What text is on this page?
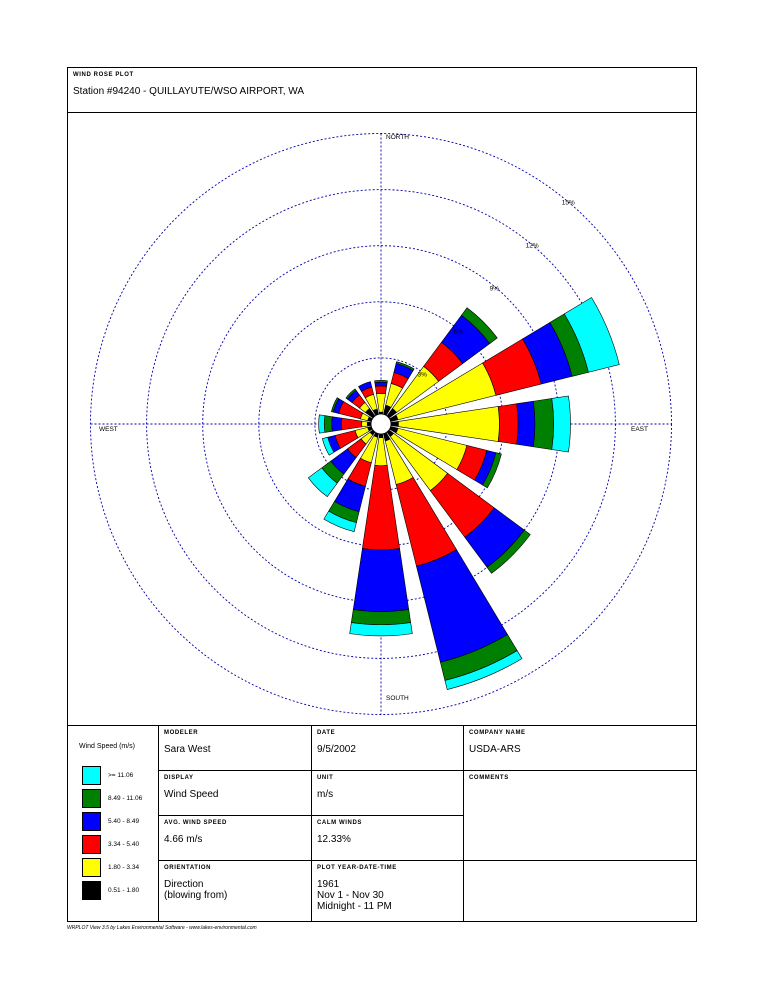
WIND ROSE PLOT
Station #94240 - QUILLAYUTE/WSO AIRPORT, WA
NORTH
SOUTH
EAST
WEST
3%
6%
9%
12%
15%
Wind Speed (m/s)
>= 11.06
8.49 - 11.06
5.40 - 8.49
3.34 - 5.40
1.80 - 3.34
0.51 - 1.80
MODELER
Sara West
DATE
9/5/2002
COMPANY NAME
USDA-ARS
DISPLAY
Wind Speed
UNIT
m/s
COMMENTS
AVG. WIND SPEED
4.66 m/s
CALM WINDS
12.33%
ORIENTATION
Direction
(blowing from)
PLOT YEAR-DATE-TIME
1961
Nov 1 - Nov 30
Midnight - 11 PM
WRPLOT View 3.5 by Lakes Environmental Software - www.lakes-environmental.com
